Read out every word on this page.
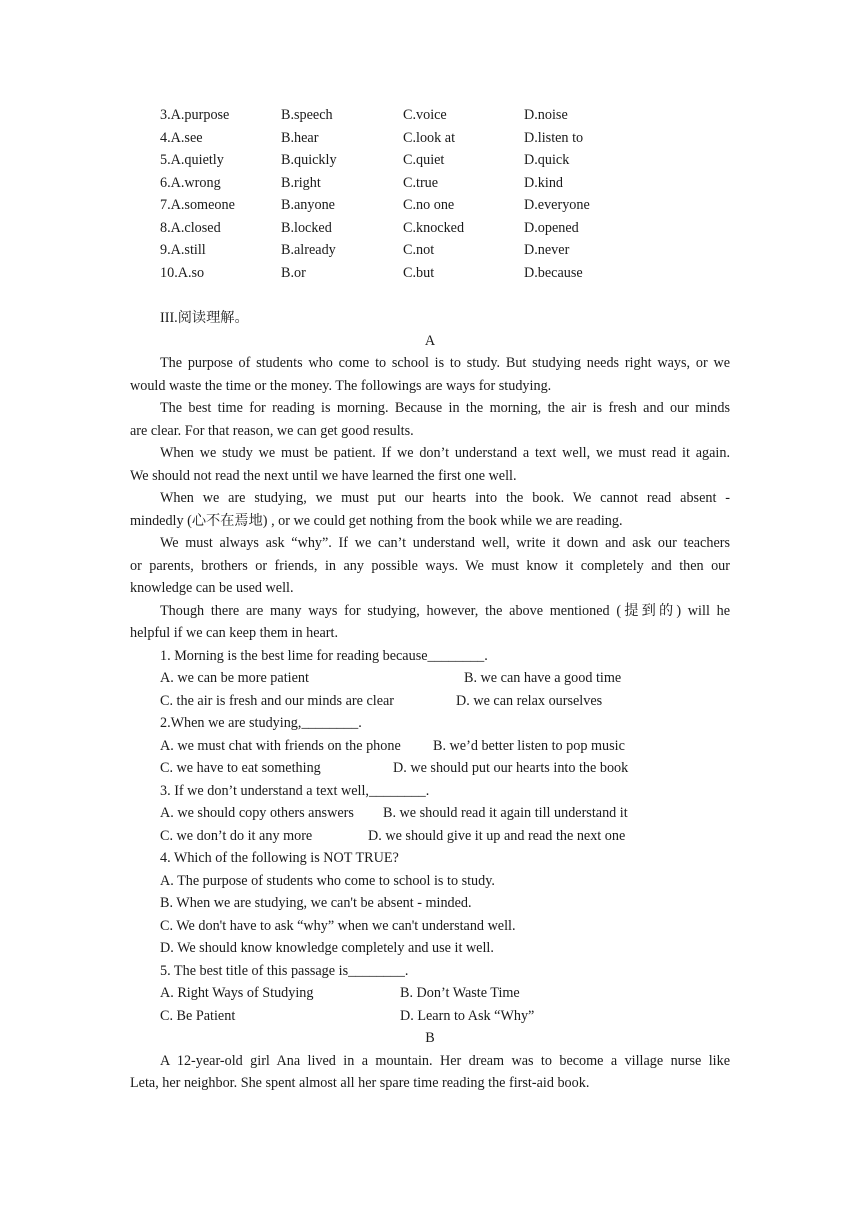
3.A.purpose	B.speech	C.voice	D.noise
4.A.see	B.hear	C.look at	D.listen to
5.A.quietly	B.quickly	C.quiet	D.quick
6.A.wrong	B.right	C.true	D.kind
7.A.someone	B.anyone	C.no one	D.everyone
8.A.closed	B.locked	C.knocked	D.opened
9.A.still	B.already	C.not	D.never
10.A.so	B.or	C.but	D.because
III.阅读理解。
A
The purpose of students who come to school is to study. But studying needs right ways, or we
would waste the time or the money. The followings are ways for studying.
The best time for reading is morning. Because in the morning, the air is fresh and our minds
are clear. For that reason, we can get good results.
When we study we must be patient. If we don’t understand a text well, we must read it again.
We should not read the next until we have learned the first one well.
When we are studying, we must put our hearts into the book. We cannot read absent -
mindedly (心不在焉地) , or we could get nothing from the book while we are reading.
We must always ask “why”. If we can’t understand well, write it down and ask our teachers
or parents, brothers or friends, in any possible ways. We must know it completely and then our
knowledge can be used well.
Though there are many ways for studying, however, the above mentioned (提到的) will he
helpful if we can keep them in heart.
1. Morning is the best lime for reading because________.
A. we can be more patient	B. we can have a good time
C. the air is fresh and our minds are clear	D. we can relax ourselves
2.When we are studying,________.
A. we must chat with friends on the phone B. we’d better listen to pop music
C. we have to eat something	D. we should put our hearts into the book
3. If we don’t understand a text well,________.
A. we should copy others answers B. we should read it again till understand it
C. we don’t do it any more	D. we should give it up and read the next one
4. Which of the following is NOT TRUE?
A. The purpose of students who come to school is to study.
B. When we are studying, we can't be absent - minded.
C. We don't have to ask “why” when we can't understand well.
D. We should know knowledge completely and use it well.
5. The best title of this passage is________.
A. Right Ways of Studying	B. Don’t Waste Time
C. Be Patient	D. Learn to Ask “Why”
B
A 12-year-old girl Ana lived in a mountain. Her dream was to become a village nurse like
Leta, her neighbor. She spent almost all her spare time reading the first-aid book.
